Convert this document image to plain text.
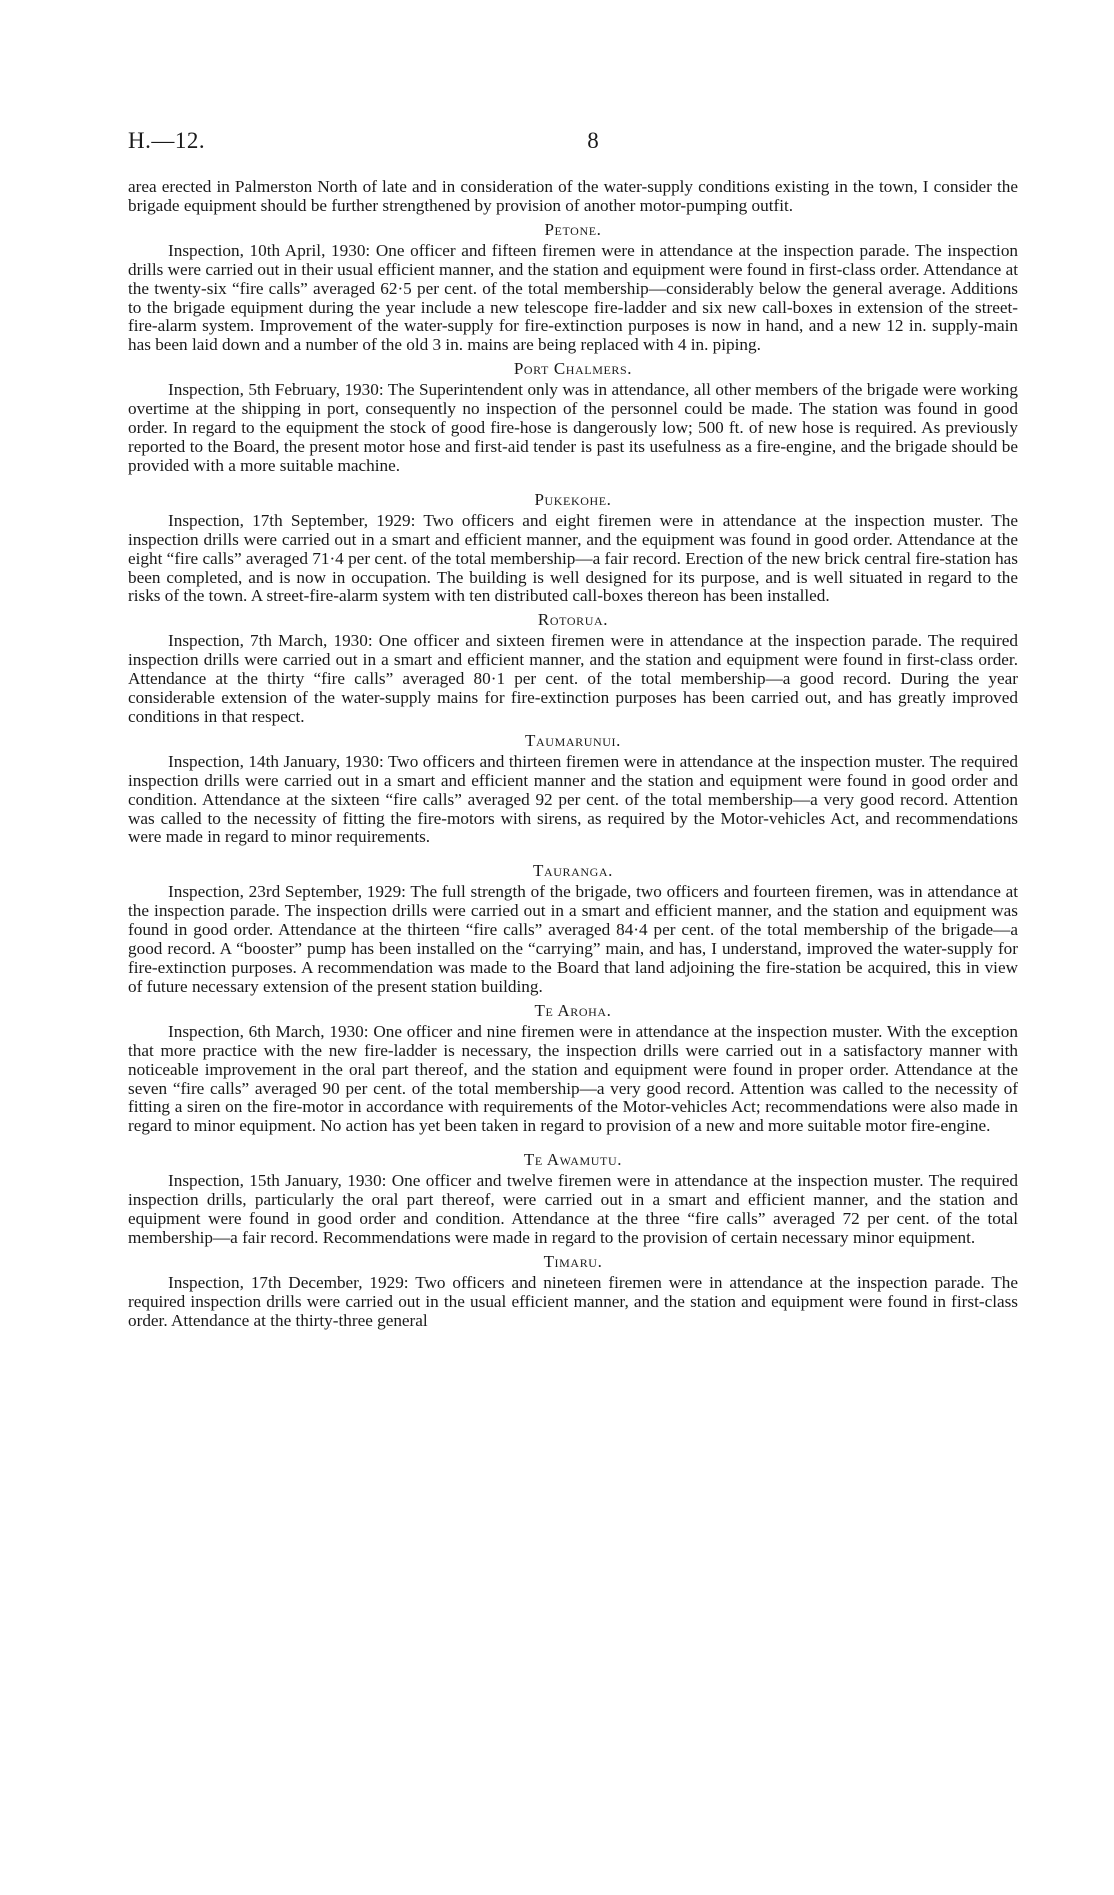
H.—12.	8

area erected in Palmerston North of late and in consideration of the water-supply conditions existing in the town, I consider the brigade equipment should be further strengthened by provision of another motor-pumping outfit.

Petone.

Inspection, 10th April, 1930: One officer and fifteen firemen were in attendance at the inspection parade. The inspection drills were carried out in their usual efficient manner, and the station and equipment were found in first-class order. Attendance at the twenty-six “fire calls” averaged 62·5 per cent. of the total membership—considerably below the general average. Additions to the brigade equipment during the year include a new telescope fire-ladder and six new call-boxes in extension of the street-fire-alarm system. Improvement of the water-supply for fire-extinction purposes is now in hand, and a new 12 in. supply-main has been laid down and a number of the old 3 in. mains are being replaced with 4 in. piping.

Port Chalmers.

Inspection, 5th February, 1930: The Superintendent only was in attendance, all other members of the brigade were working overtime at the shipping in port, consequently no inspection of the personnel could be made. The station was found in good order. In regard to the equipment the stock of good fire-hose is dangerously low; 500 ft. of new hose is required. As previously reported to the Board, the present motor hose and first-aid tender is past its usefulness as a fire-engine, and the brigade should be provided with a more suitable machine.

Pukekohe.

Inspection, 17th September, 1929: Two officers and eight firemen were in attendance at the inspection muster. The inspection drills were carried out in a smart and efficient manner, and the equipment was found in good order. Attendance at the eight “fire calls” averaged 71·4 per cent. of the total membership—a fair record. Erection of the new brick central fire-station has been completed, and is now in occupation. The building is well designed for its purpose, and is well situated in regard to the risks of the town. A street-fire-alarm system with ten distributed call-boxes thereon has been installed.

Rotorua.

Inspection, 7th March, 1930: One officer and sixteen firemen were in attendance at the inspection parade. The required inspection drills were carried out in a smart and efficient manner, and the station and equipment were found in first-class order. Attendance at the thirty “fire calls” averaged 80·1 per cent. of the total membership—a good record. During the year considerable extension of the water-supply mains for fire-extinction purposes has been carried out, and has greatly improved conditions in that respect.

Taumarunui.

Inspection, 14th January, 1930: Two officers and thirteen firemen were in attendance at the inspection muster. The required inspection drills were carried out in a smart and efficient manner and the station and equipment were found in good order and condition. Attendance at the sixteen “fire calls” averaged 92 per cent. of the total membership—a very good record. Attention was called to the necessity of fitting the fire-motors with sirens, as required by the Motor-vehicles Act, and recommendations were made in regard to minor requirements.

Tauranga.

Inspection, 23rd September, 1929: The full strength of the brigade, two officers and fourteen firemen, was in attendance at the inspection parade. The inspection drills were carried out in a smart and efficient manner, and the station and equipment was found in good order. Attendance at the thirteen “fire calls” averaged 84·4 per cent. of the total membership of the brigade—a good record. A “booster” pump has been installed on the “carrying” main, and has, I understand, improved the water-supply for fire-extinction purposes. A recommendation was made to the Board that land adjoining the fire-station be acquired, this in view of future necessary extension of the present station building.

Te Aroha.

Inspection, 6th March, 1930: One officer and nine firemen were in attendance at the inspection muster. With the exception that more practice with the new fire-ladder is necessary, the inspection drills were carried out in a satisfactory manner with noticeable improvement in the oral part thereof, and the station and equipment were found in proper order. Attendance at the seven “fire calls” averaged 90 per cent. of the total membership—a very good record. Attention was called to the necessity of fitting a siren on the fire-motor in accordance with requirements of the Motor-vehicles Act; recommendations were also made in regard to minor equipment. No action has yet been taken in regard to provision of a new and more suitable motor fire-engine.

Te Awamutu.

Inspection, 15th January, 1930: One officer and twelve firemen were in attendance at the inspection muster. The required inspection drills, particularly the oral part thereof, were carried out in a smart and efficient manner, and the station and equipment were found in good order and condition. Attendance at the three “fire calls” averaged 72 per cent. of the total membership—a fair record. Recommendations were made in regard to the provision of certain necessary minor equipment.

Timaru.

Inspection, 17th December, 1929: Two officers and nineteen firemen were in attendance at the inspection parade. The required inspection drills were carried out in the usual efficient manner, and the station and equipment were found in first-class order. Attendance at the thirty-three general
